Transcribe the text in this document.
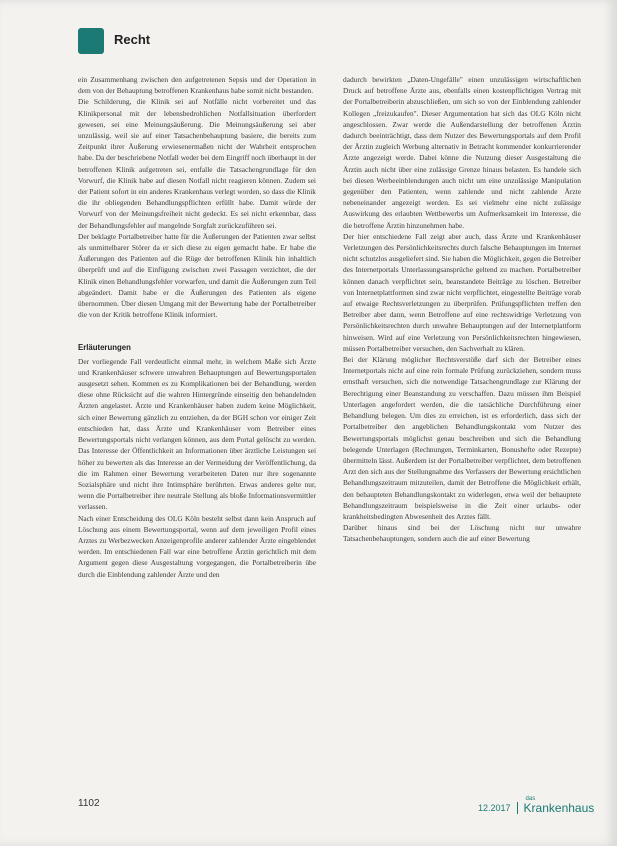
Recht

ein Zusammenhang zwischen den aufgetretenen Sepsis und der Operation in dem von der Behauptung betroffenen Krankenhaus habe somit nicht bestanden.

Die Schilderung, die Klinik sei auf Notfälle nicht vorbereitet und das Klinikpersonal mit der lebensbedrohlichen Notfallsituation überfordert gewesen, sei eine Meinungsäußerung. Die Meinungsäußerung sei aber unzulässig, weil sie auf einer Tatsachenbehauptung basiere, die bereits zum Zeitpunkt ihrer Äußerung erwiesenermaßen nicht der Wahrheit entsprochen habe. Da der beschriebene Notfall weder bei dem Eingriff noch überhaupt in der betroffenen Klinik aufgetreten sei, entfalle die Tatsachengrundlage für den Vorwurf, die Klinik habe auf diesen Notfall nicht reagieren können. Zudem sei der Patient sofort in ein anderes Krankenhaus verlegt worden, so dass die Klinik die ihr obliegenden Behandlungspflichten erfüllt habe. Damit würde der Vorwurf von der Meinungsfreiheit nicht gedeckt. Es sei nicht erkennbar, dass der Behandlungsfehler auf mangelnde Sorgfalt zurückzuführen sei.

Der beklagte Portalbetreiber hatte für die Äußerungen der Patienten zwar selbst als unmittelbarer Störer da er sich diese zu eigen gemacht habe. Er habe die Äußerungen des Patienten auf die Rüge der betroffenen Klinik hin inhaltlich überprüft und auf die Einfügung zwischen zwei Passagen verzichtet, die der Klinik einen Behandlungsfehler vorwarfen, und damit die Äußerungen zum Teil abgeändert. Damit habe er die Äußerungen des Patienten als eigene übernommen. Über diesen Umgang mit der Bewertung habe der Portalbetreiber die von der Kritik betroffene Klinik informiert.

Erläuterungen

Der vorliegende Fall verdeutlicht einmal mehr, in welchem Maße sich Ärzte und Krankenhäuser schwere unwahren Behauptungen auf Bewertungsportalen ausgesetzt sehen. Kommen es zu Komplikationen bei der Behandlung, werden diese ohne Rücksicht auf die wahren Hintergründe einseitig den behandelnden Ärzten angelastet. Ärzte und Krankenhäuser haben zudem keine Möglichkeit, sich einer Bewertung gänzlich zu entziehen, da der BGH schon vor einiger Zeit entschieden hat, dass Ärzte und Krankenhäuser vom Betreiber eines Bewertungsportals nicht verlangen können, aus dem Portal gelöscht zu werden. Das Interesse der Öffentlichkeit an Informationen über ärztliche Leistungen sei höher zu bewerten als das Interesse an der Vermeidung der Veröffentlichung, da die im Rahmen einer Bewertung verarbeiteten Daten nur ihre sogenannte Sozialsphäre und nicht ihre Intimsphäre berührten. Etwas anderes gelte nur, wenn die Portalbetreiber ihre neutrale Stellung als bloße Informationsvermittler verlassen.

Nach einer Entscheidung des OLG Köln besteht selbst dann kein Anspruch auf Löschung aus einem Bewertungsportal, wenn auf dem jeweiligen Profil eines Arztes zu Werbezwecken Anzeigenprofile anderer zahlender Ärzte eingeblendet werden. Im entschiedenen Fall war eine betroffene Ärztin gerichtlich mit dem Argument gegen diese Ausgestaltung vorgegangen, die Portalbetreiberin übe durch die Einblendung zahlender Ärzte und den

dadurch bewirkten „Daten-Ungefälle" einen unzulässigen wirtschaftlichen Druck auf betroffene Ärzte aus, ebenfalls einen kostenpflichtigen Vertrag mit der Portalbetreiberin abzuschließen, um sich so von der Einblendung zahlender Kollegen „freizukaufen". Dieser Argumentation hat sich das OLG Köln nicht angeschlossen. Zwar werde die Außendarstellung der betroffenen Ärztin dadurch beeinträchtigt, dass dem Nutzer des Bewertungsportals auf dem Profil der Ärztin zugleich Werbung alternativ in Betracht kommender konkurrierender Ärzte angezeigt werde. Dabei könne die Nutzung dieser Ausgestaltung die Ärztin auch nicht über eine zulässige Grenze hinaus belasten. Es handele sich bei diesen Werbeeinblendungen auch nicht um eine unzulässige Manipulation gegenüber den Patienten, wenn zahlende und nicht zahlende Ärzte nebeneinander angezeigt werden. Es sei vielmehr eine nicht zulässige Auswirkung des erlaubten Wettbewerbs um Aufmerksamkeit im Interesse, die die betroffene Ärztin hinzunehmen habe.

Der hier entschiedene Fall zeigt aber auch, dass Ärzte und Krankenhäuser Verletzungen des Persönlichkeitsrechts durch falsche Behauptungen im Internet nicht schutzlos ausgeliefert sind. Sie haben die Möglichkeit, gegen die Betreiber des Internetportals Unterlassungsansprüche geltend zu machen. Portalbetreiber können danach verpflichtet sein, beanstandete Beiträge zu löschen. Betreiber von Internetplattformen sind zwar nicht verpflichtet, eingestellte Beiträge vorab auf etwaige Rechtsverletzungen zu überprüfen. Prüfungspflichten treffen den Betreiber aber dann, wenn Betroffene auf eine rechtswidrige Verletzung von Persönlichkeitsrechten durch unwahre Behauptungen auf der Internetplattform hinweisen. Wird auf eine Verletzung von Persönlichkeitsrechten hingewiesen, müssen Portalbetreiber versuchen, den Sachverhalt zu klären.

Bei der Klärung möglicher Rechtsverstöße darf sich der Betreiber eines Internetportals nicht auf eine rein formale Prüfung zurückziehen, sondern muss ernsthaft versuchen, sich die notwendige Tatsachengrundlage zur Klärung der Berechtigung einer Beanstandung zu verschaffen. Dazu müssen ihm Beispiel Unterlagen angefordert werden, die die tatsächliche Durchführung einer Behandlung belegen. Um dies zu erreichen, ist es erforderlich, dass sich der Portalbetreiber den angeblichen Behandlungskontakt vom Nutzer des Bewertungsportals möglichst genau beschreiben und sich die Behandlung belegende Unterlagen (Rechnungen, Terminkarten, Bonushefte oder Rezepte) übermitteln lässt. Außerdem ist der Portalbetreiber verpflichtet, dem betroffenen Arzt den sich aus der Stellungnahme des Verfassers der Bewertung ersichtlichen Behandlungszeitraum mitzuteilen, damit der Betroffene die Möglichkeit erhält, den behaupteten Behandlungskontakt zu widerlegen, etwa weil der behauptete Behandlungszeitraum beispielsweise in die Zeit einer urlaubs- oder krankheitsbedingten Abwesenheit des Arztes fällt.

Darüber hinaus sind bei der Löschung nicht nur unwahre Tatsachenbehauptungen, sondern auch die auf einer Bewertung

1102	12.2017
das
Krankenhaus
